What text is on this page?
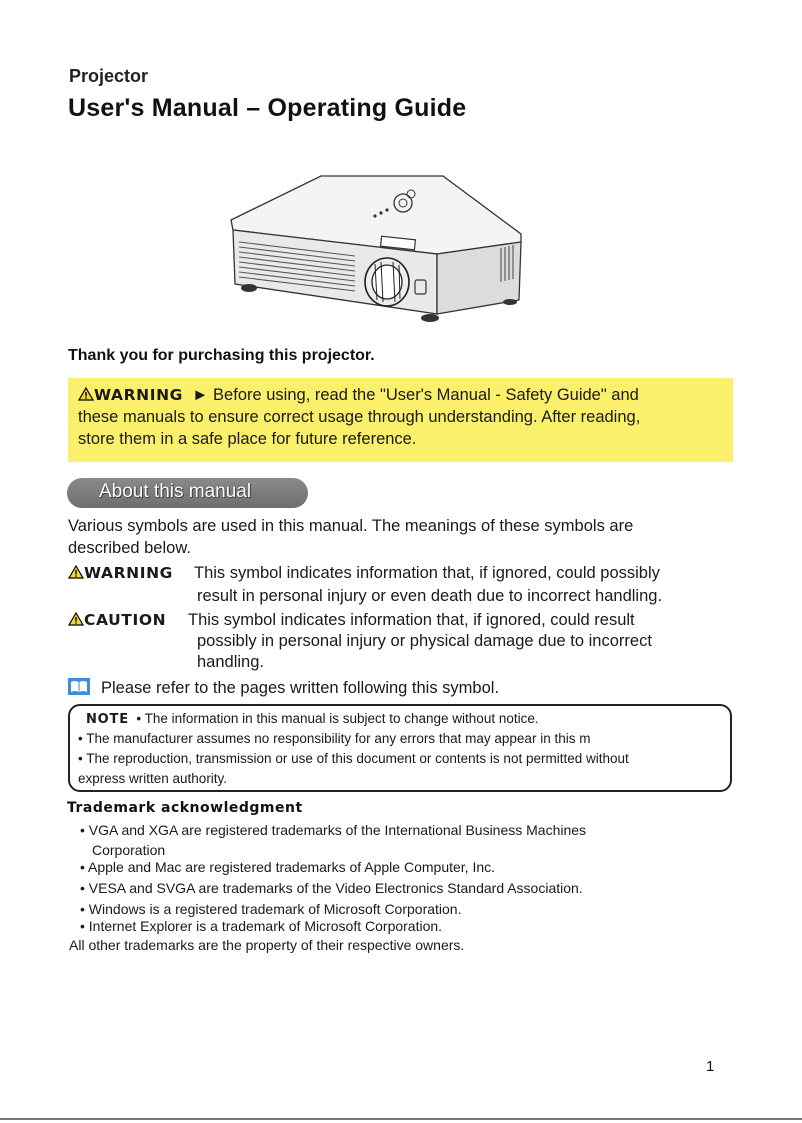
Projector
User's Manual – Operating Guide
Thank you for purchasing this projector.
WARNING ► Before using, read the "User's Manual - Safety Guide" and
these manuals to ensure correct usage through understanding. After reading,
store them in a safe place for future reference.
About this manual
Various symbols are used in this manual. The meanings of these symbols are
described below.
WARNING This symbol indicates information that, if ignored, could possibly
result in personal injury or even death due to incorrect handling.
CAUTION This symbol indicates information that, if ignored, could result
possibly in personal injury or physical damage due to incorrect
handling.
Please refer to the pages written following this symbol.
NOTE • The information in this manual is subject to change without notice.
• The manufacturer assumes no responsibility for any errors that may appear in this m
• The reproduction, transmission or use of this document or contents is not permitted without
express written authority.
Trademark acknowledgment
• VGA and XGA are registered trademarks of the International Business Machines
Corporation
• Apple and Mac are registered trademarks of Apple Computer, Inc.
• VESA and SVGA are trademarks of the Video Electronics Standard Association.
• Windows is a registered trademark of Microsoft Corporation.
• Internet Explorer is a trademark of Microsoft Corporation.
All other trademarks are the property of their respective owners.
1
